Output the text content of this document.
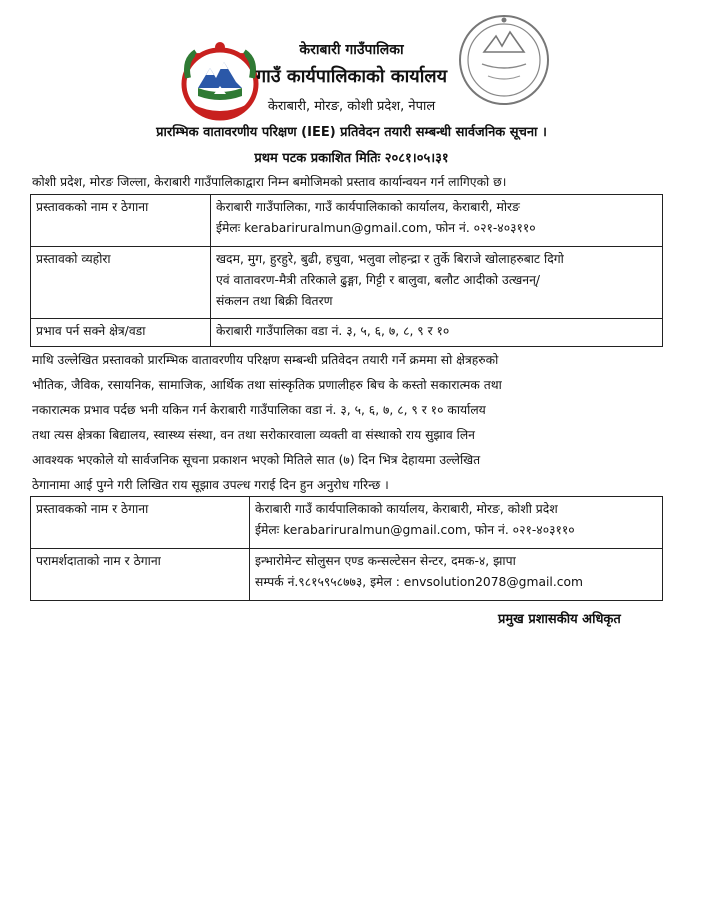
केराबारी गाउँपालिका
गाउँ कार्यपालिकाको कार्यालय
केराबारी, मोरङ, कोशी प्रदेश, नेपाल
प्रारम्भिक वातावरणीय परिक्षण (IEE) प्रतिवेदन तयारी सम्बन्धी सार्वजनिक सूचना ।
प्रथम पटक प्रकाशित मितिः २०८१।०५।३१
कोशी प्रदेश, मोरङ जिल्ला, केराबारी गाउँपालिकाद्वारा निम्न बमोजिमको प्रस्ताव कार्यान्वयन गर्न लागिएको छ।
प्रस्तावकको नाम र ठेगाना	केराबारी गाउँपालिका, गाउँ कार्यपालिकाको कार्यालय, केराबारी, मोरङ
ईमेलः kerabariruralmun@gmail.com, फोन नं. ०२१-४०३११०

प्रस्तावको व्यहोरा	खदम, मुग, हुरहुरे, बुढी, हचुवा, भलुवा लोहन्द्रा र तुर्के बिराजे खोलाहरुबाट दिगो
एवं वातावरण-मैत्री तरिकाले ढुङ्गा, गिट्टी र बालुवा, बलौट आदीको उत्खनन्/
संकलन तथा बिक्री वितरण

प्रभाव पर्न सक्ने क्षेत्र/वडा	केराबारी गाउँपालिका वडा नं. ३, ५, ६, ७, ८, ९ र १०
माथि उल्लेखित प्रस्तावको प्रारम्भिक वातावरणीय परिक्षण सम्बन्धी प्रतिवेदन तयारी गर्ने क्रममा सो क्षेत्रहरुको
भौतिक, जैविक, रसायनिक, सामाजिक, आर्थिक तथा सांस्कृतिक प्रणालीहरु बिच के कस्तो सकारात्मक तथा
नकारात्मक प्रभाव पर्दछ भनी यकिन गर्न केराबारी गाउँपालिका वडा नं. ३, ५, ६, ७, ८, ९ र १० कार्यालय
तथा त्यस क्षेत्रका बिद्यालय, स्वास्थ्य संस्था, वन तथा सरोकारवाला व्यक्ती वा संस्थाको राय सुझाव लिन
आवश्यक भएकोले यो सार्वजनिक सूचना प्रकाशन भएको मितिले सात (७) दिन भित्र देहायमा उल्लेखित
ठेगानामा आई पुग्ने गरी लिखित राय सूझाव उपल्ध गराई दिन हुन अनुरोध गरिन्छ ।
प्रस्तावकको नाम र ठेगाना	केराबारी गाउँ कार्यपालिकाको कार्यालय, केराबारी, मोरङ, कोशी प्रदेश
ईमेलः kerabariruralmun@gmail.com, फोन नं. ०२१-४०३११०

परामर्शदाताको नाम र ठेगाना	इन्भारोमेन्ट सोलुसन एण्ड कन्सल्टेसन सेन्टर, दमक-४, झापा
सम्पर्क नं.९८१५९५८७७३, इमेल : envsolution2078@gmail.com
प्रमुख प्रशासकीय अधिकृत
